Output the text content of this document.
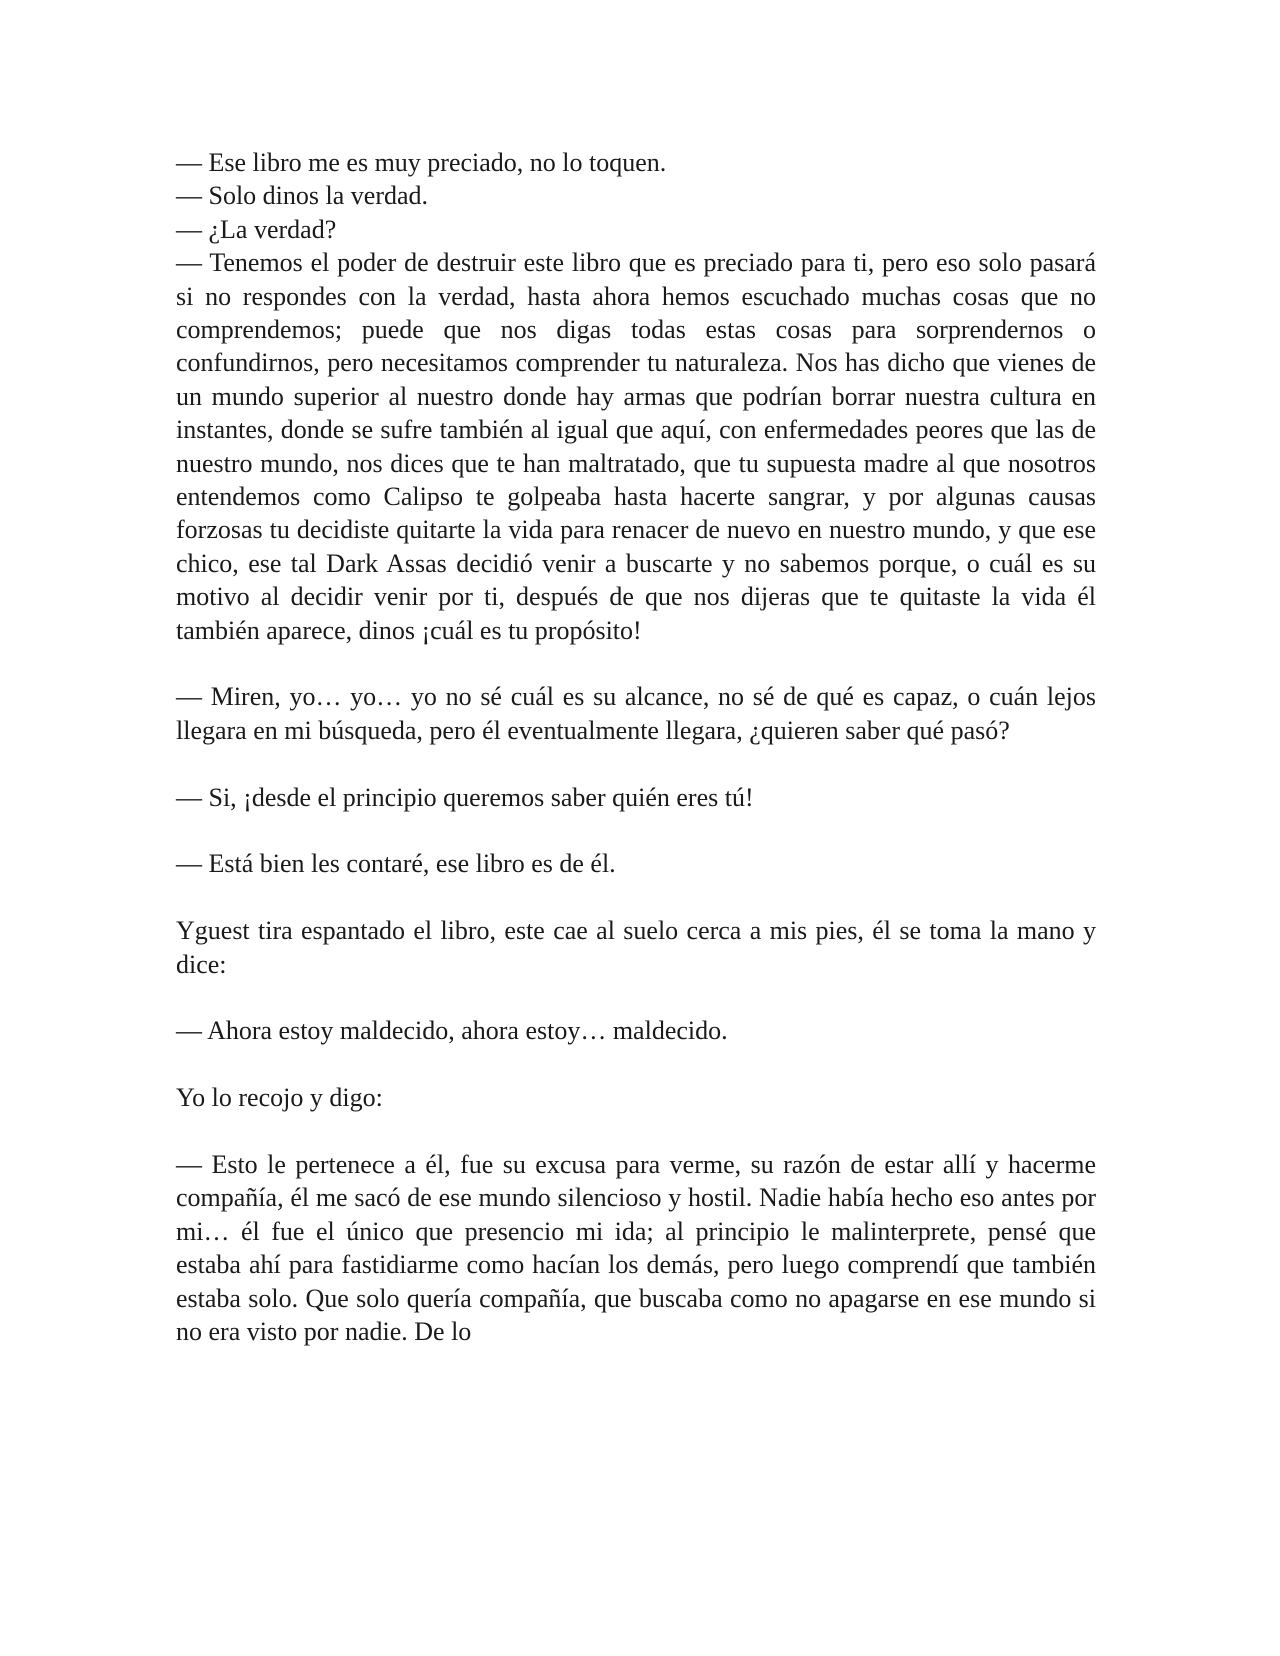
— Ese libro me es muy preciado, no lo toquen.

— Solo dinos la verdad.

— ¿La verdad?

— Tenemos el poder de destruir este libro que es preciado para ti, pero eso solo pasará si no respondes con la verdad, hasta ahora hemos escuchado muchas cosas que no comprendemos; puede que nos digas todas estas cosas para sorprendernos o confundirnos, pero necesitamos comprender tu naturaleza. Nos has dicho que vienes de un mundo superior al nuestro donde hay armas que podrían borrar nuestra cultura en instantes, donde se sufre también al igual que aquí, con enfermedades peores que las de nuestro mundo, nos dices que te han maltratado, que tu supuesta madre al que nosotros entendemos como Calipso te golpeaba hasta hacerte sangrar, y por algunas causas forzosas tu decidiste quitarte la vida para renacer de nuevo en nuestro mundo, y que ese chico, ese tal Dark Assas decidió venir a buscarte y no sabemos porque, o cuál es su motivo al decidir venir por ti, después de que nos dijeras que te quitaste la vida él también aparece, dinos ¡cuál es tu propósito!

— Miren, yo… yo… yo no sé cuál es su alcance, no sé de qué es capaz, o cuán lejos llegara en mi búsqueda, pero él eventualmente llegara, ¿quieren saber qué pasó?

— Si, ¡desde el principio queremos saber quién eres tú!

— Está bien les contaré, ese libro es de él.

Yguest tira espantado el libro, este cae al suelo cerca a mis pies, él se toma la mano y dice:

— Ahora estoy maldecido, ahora estoy… maldecido.

Yo lo recojo y digo:

— Esto le pertenece a él, fue su excusa para verme, su razón de estar allí y hacerme compañía, él me sacó de ese mundo silencioso y hostil. Nadie había hecho eso antes por mi… él fue el único que presencio mi ida; al principio le malinterprete, pensé que estaba ahí para fastidiarme como hacían los demás, pero luego comprendí que también estaba solo. Que solo quería compañía, que buscaba como no apagarse en ese mundo si no era visto por nadie. De lo
